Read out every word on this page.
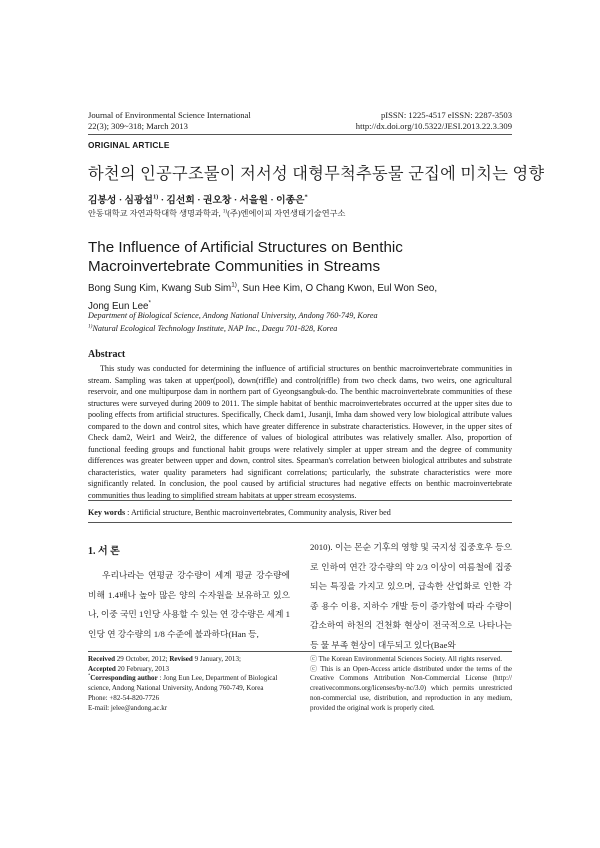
Journal of Environmental Science International
22(3); 309~318; March 2013
pISSN: 1225-4517 eISSN: 2287-3503
http://dx.doi.org/10.5322/JESI.2013.22.3.309
ORIGINAL ARTICLE
하천의 인공구조물이 저서성 대형무척추동물 군집에 미치는 영향
김봉성 · 심광섭$^{1)}$ · 김선희 · 권오창 · 서을원 · 이종은*
안동대학교 자연과학대학 생명과학과, $^{1)}$(주)엔에이피 자연생태기술연구소
The Influence of Artificial Structures on Benthic Macroinvertebrate Communities in Streams
Bong Sung Kim, Kwang Sub Sim$^{1)}$, Sun Hee Kim, O Chang Kwon, Eul Won Seo,
Jong Eun Lee*
Department of Biological Science, Andong National University, Andong 760-749, Korea
$^{1)}$Natural Ecological Technology Institute, NAP Inc., Daegu 701-828, Korea
Abstract
This study was conducted for determining the influence of artificial structures on benthic macroinvertebrate communities in stream. Sampling was taken at upper(pool), down(riffle) and control(riffle) from two check dams, two weirs, one agricultural reservoir, and one multipurpose dam in northern part of Gyeongsangbuk-do. The benthic macroinvertebrate communities of these structures were surveyed during 2009 to 2011. The simple habitat of benthic macroinvertebrates occurred at the upper sites due to pooling effects from artificial structures. Specifically, Check dam1, Jusanji, Imha dam showed very low biological attribute values compared to the down and control sites, which have greater difference in substrate characteristics. However, in the upper sites of Check dam2, Weir1 and Weir2, the difference of values of biological attributes was relatively smaller. Also, proportion of functional feeding groups and functional habit groups were relatively simpler at upper stream and the degree of community differences was greater between upper and down, control sites. Spearman's correlation between biological attributes and substrate characteristics, water quality parameters had significant correlations; particularly, the substrate characteristics were more significantly related. In conclusion, the pool caused by artificial structures had negative effects on benthic macroinvertebrate communities thus leading to simplified stream habitats at upper stream ecosystems.
Key words : Artificial structure, Benthic macroinvertebrates, Community analysis, River bed
1. 서 론
우리나라는 연평균 강수량이 세계 평균 강수량에 비해 1.4배나 높아 많은 양의 수자원을 보유하고 있으나, 이중 국민 1인당 사용할 수 있는 연 강수량은 세계 1인당 연 강수량의 1/8 수준에 불과하다(Han 등,
2010). 이는 몬순 기후의 영향 및 국지성 집중호우 등으로 인하여 연간 강수량의 약 2/3 이상이 여름철에 집중되는 특징을 가지고 있으며, 급속한 산업화로 인한 각종 용수 이용, 지하수 개발 등이 증가함에 따라 수량이 감소하여 하천의 건천화 현상이 전국적으로 나타나는 등 물 부족 현상이 대두되고 있다(Bae와
Received 29 October, 2012; Revised 9 January, 2013;
Accepted 20 February, 2013
*Corresponding author : Jong Eun Lee, Department of Biological science, Andong National University, Andong 760-749, Korea
Phone: +82-54-820-7726
E-mail: jelee@andong.ac.kr
ⓒ The Korean Environmental Sciences Society. All rights reserved.
ⓒ This is an Open-Access article distributed under the terms of the Creative Commons Attribution Non-Commercial License (http:// creativecommons.org/licenses/by-nc/3.0) which permits unrestricted non-commercial use, distribution, and reproduction in any medium, provided the original work is properly cited.
